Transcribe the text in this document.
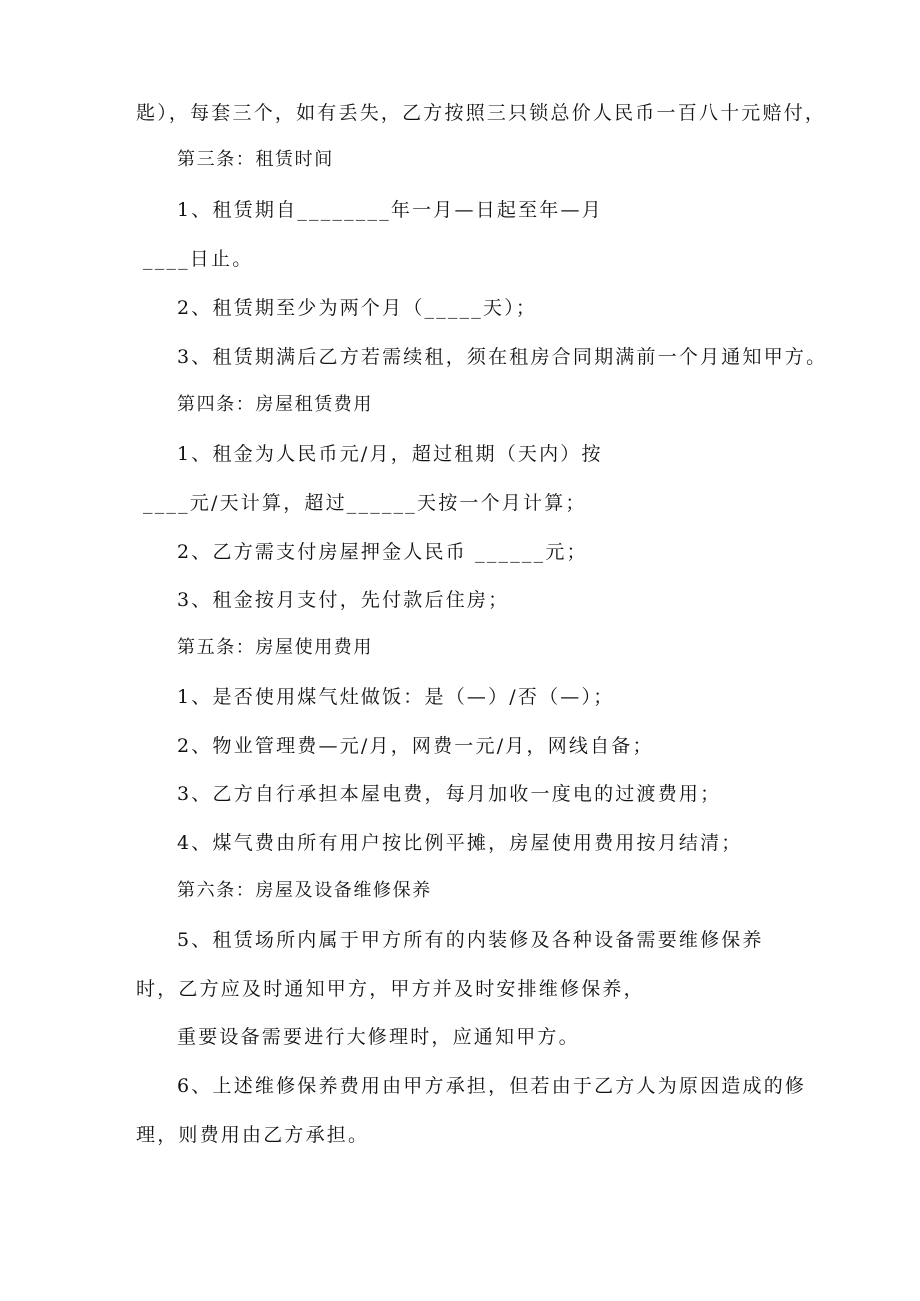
匙），每套三个，如有丢失，乙方按照三只锁总价人民币一百八十元赔付，
第三条：租赁时间
1、租赁期自________年一月—日起至年—月
____日止。
2、租赁期至少为两个月（_____天）；
3、租赁期满后乙方若需续租，须在租房合同期满前一个月通知甲方。
第四条：房屋租赁费用
1、租金为人民币元/月，超过租期（天内）按
____元/天计算，超过______天按一个月计算；
2、乙方需支付房屋押金人民币 ______元；
3、租金按月支付，先付款后住房；
第五条：房屋使用费用
1、是否使用煤气灶做饭：是（—）/否（—）；
2、物业管理费—元/月，网费一元/月，网线自备；
3、乙方自行承担本屋电费，每月加收一度电的过渡费用；
4、煤气费由所有用户按比例平摊，房屋使用费用按月结清；
第六条：房屋及设备维修保养
5、租赁场所内属于甲方所有的内装修及各种设备需要维修保养
时，乙方应及时通知甲方，甲方并及时安排维修保养，
重要设备需要进行大修理时，应通知甲方。
6、上述维修保养费用由甲方承担，但若由于乙方人为原因造成的修
理，则费用由乙方承担。
